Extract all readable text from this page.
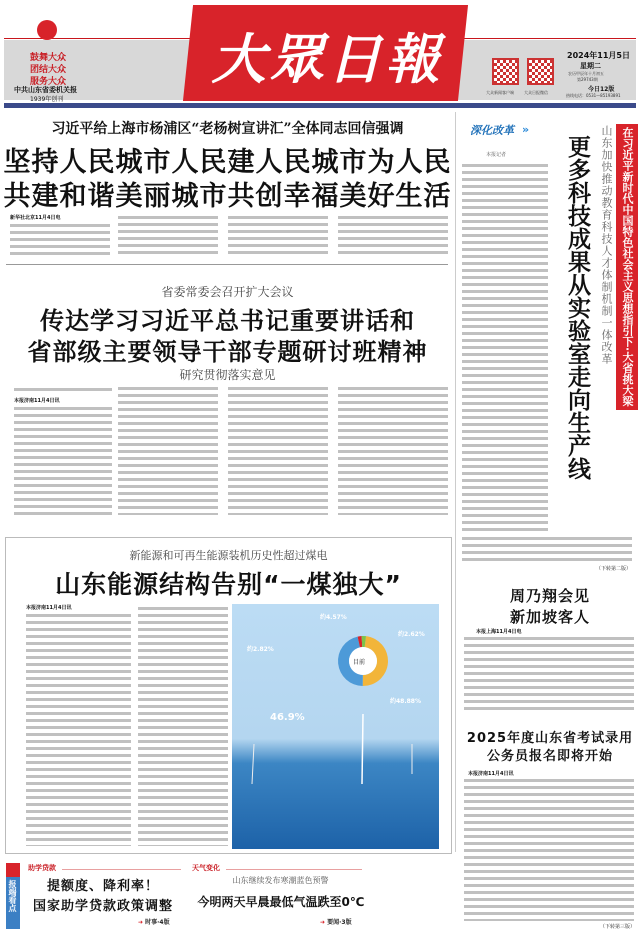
鼓舞大众
团结大众
服务大众
中共山东省委机关报
1939年创刊
大眾日報
大众新闻客户端	大众日报微信
2024年11月5日
星期二
农历甲辰年十月初五
第29743期
今日12版
热线电话：0531—85193891
习近平给上海市杨浦区“老杨树宣讲汇”全体同志回信强调
坚持人民城市人民建人民城市为人民
共建和谐美丽城市共创幸福美好生活
新华社北京11月4日电
省委常委会召开扩大会议
传达学习习近平总书记重要讲话和
省部级主要领导干部专题研讨班精神
研究贯彻落实意见
本报济南11月4日讯
新能源和可再生能源装机历史性超过煤电
山东能源结构告别“一煤独大”
本报济南11月4日讯
目前
约4.57%
约2.62%
约2.82%
约48.88%
46.9%
深化改革 »
本报记者	山东加快推动教育科技人才体制机制一体改革
更多科技成果从实验室走向生产线	在习近平新时代中国特色社会主义思想指引下·大省挑大梁
（下转第二版）
周乃翔会见
新加坡客人
本报上海11月4日电
2025年度山东省考试录用
公务员报名即将开始
本报济南11月4日讯
（下转第三版）
报端看点
助学贷款
提额度、降利率！
国家助学贷款政策调整
➜ 时事·4版
天气变化
山东继续发布寒潮蓝色预警
今明两天早晨最低气温跌至0℃
➜ 要闻·3版
